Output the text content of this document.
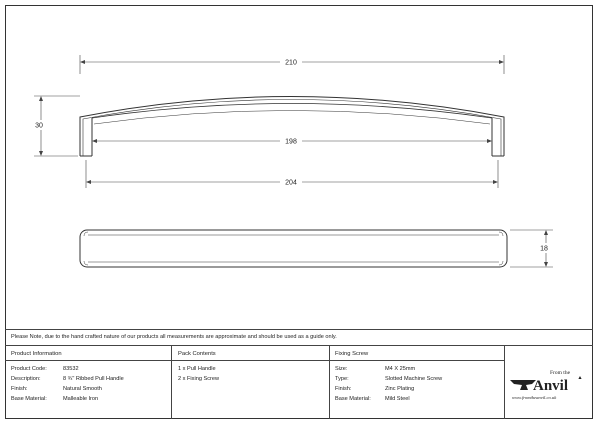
210
30
198
204
18
Please Note, due to the hand crafted nature of our products all measurements are approximate and should be used as a guide only.
Product Information
Product Code:	83532
Description:	8 ¾" Ribbed Pull Handle
Finish:	Natural Smooth
Base Material:	Malleable Iron
Pack Contents
1 x Pull Handle
2 x Fixing Screw
Fixing Screw
Size:	M4 X 25mm
Type:	Slotted Machine Screw
Finish:	Zinc Plating
Base Material:	Mild Steel
From the
Anvil
www.fromtheanvil.co.uk
